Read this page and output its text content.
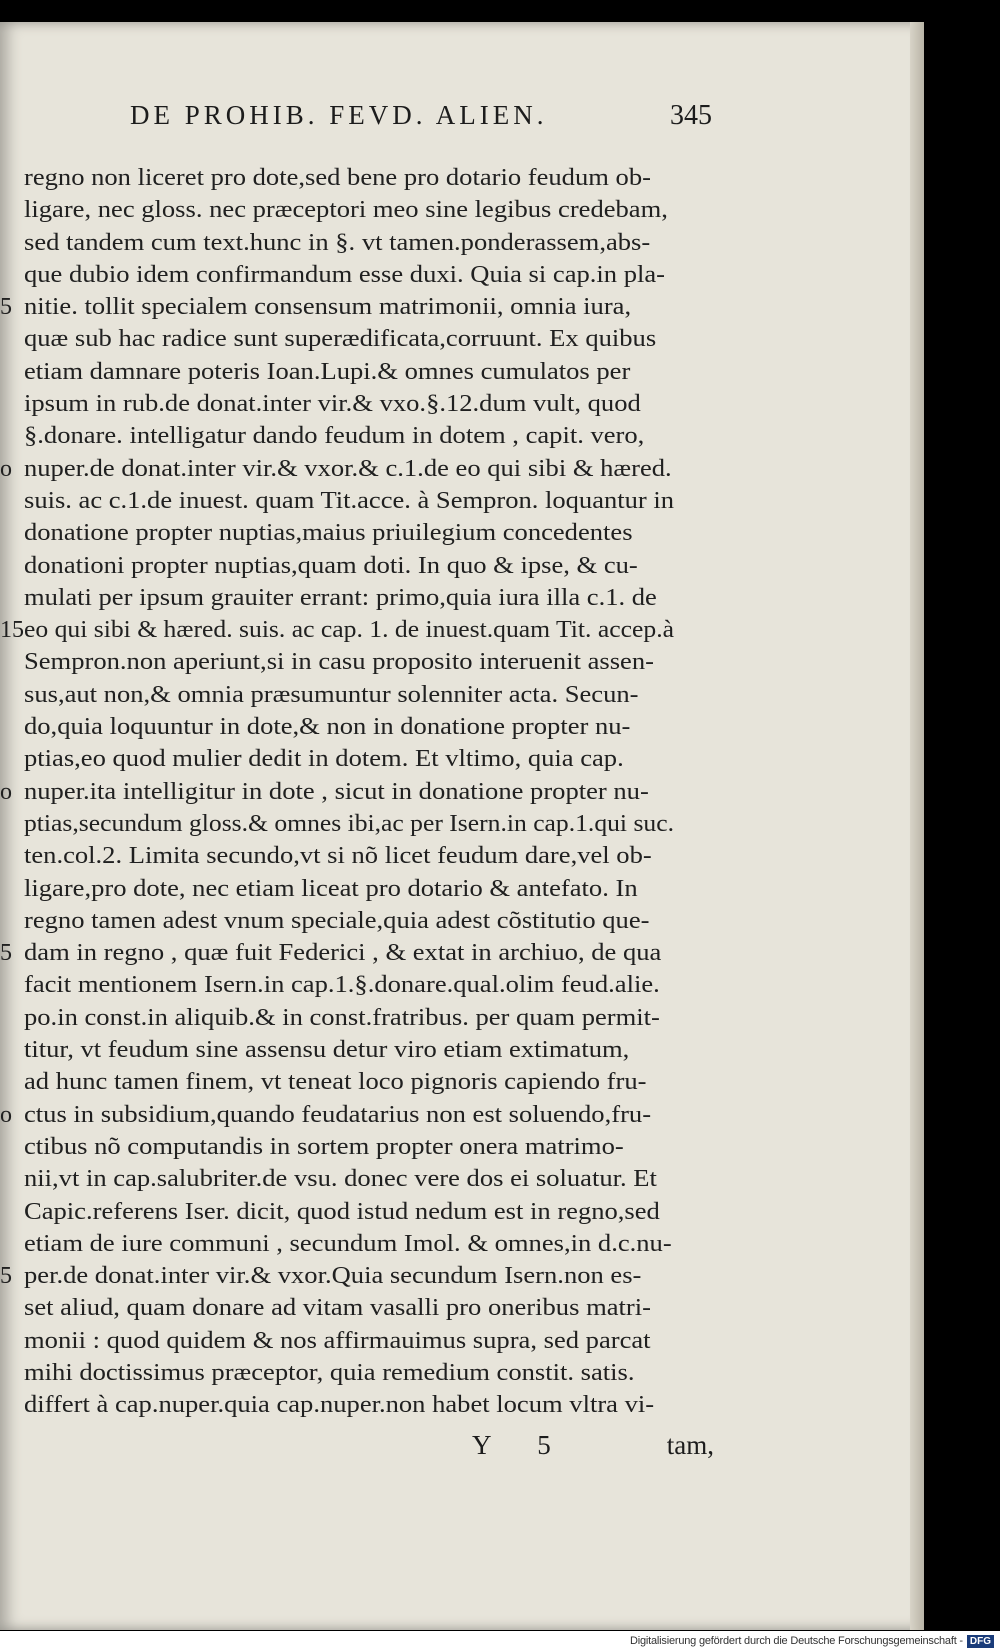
DE PROHIB. FEVD. ALIEN.	345
regno non liceret pro dote,sed bene pro dotario feudum ob-
ligare, nec gloss. nec præceptori meo sine legibus credebam,
sed tandem cum text.hunc in §. vt tamen.ponderassem,abs-
que dubio idem confirmandum esse duxi. Quia si cap.in pla-
nitie. tollit specialem consensum matrimonii, omnia iura,
5
quæ sub hac radice sunt superædificata,corruunt. Ex quibus
etiam damnare poteris Ioan.Lupi.& omnes cumulatos per
ipsum in rub.de donat.inter vir.& vxo.§.12.dum vult, quod
§.donare. intelligatur dando feudum in dotem , capit. vero,
nuper.de donat.inter vir.& vxor.& c.1.de eo qui sibi & hæred.
o
suis. ac c.1.de inuest. quam Tit.acce. à Sempron. loquantur in
donatione propter nuptias,maius priuilegium concedentes
donationi propter nuptias,quam doti. In quo & ipse, & cu-
mulati per ipsum grauiter errant: primo,quia iura illa c.1. de
eo qui sibi & hæred. suis. ac cap. 1. de inuest.quam Tit. accep.à
15
Sempron.non aperiunt,si in casu proposito interuenit assen-
sus,aut non,& omnia præsumuntur solenniter acta. Secun-
do,quia loquuntur in dote,& non in donatione propter nu-
ptias,eo quod mulier dedit in dotem. Et vltimo, quia cap.
nuper.ita intelligitur in dote , sicut in donatione propter nu-
o
ptias,secundum gloss.& omnes ibi,ac per Isern.in cap.1.qui suc.
ten.col.2. Limita secundo,vt si nõ licet feudum dare,vel ob-
ligare,pro dote, nec etiam liceat pro dotario & antefato. In
regno tamen adest vnum speciale,quia adest cõstitutio que-
dam in regno , quæ fuit Federici , & extat in archiuo, de qua
5
facit mentionem Isern.in cap.1.§.donare.qual.olim feud.alie.
po.in const.in aliquib.& in const.fratribus. per quam permit-
titur, vt feudum sine assensu detur viro etiam extimatum,
ad hunc tamen finem, vt teneat loco pignoris capiendo fru-
ctus in subsidium,quando feudatarius non est soluendo,fru-
o
ctibus nõ computandis in sortem propter onera matrimo-
nii,vt in cap.salubriter.de vsu. donec vere dos ei soluatur. Et
Capic.referens Iser. dicit, quod istud nedum est in regno,sed
etiam de iure communi , secundum Imol. & omnes,in d.c.nu-
per.de donat.inter vir.& vxor.Quia secundum Isern.non es-
5
set aliud, quam donare ad vitam vasalli pro oneribus matri-
monii : quod quidem & nos affirmauimus supra, sed parcat
mihi doctissimus præceptor, quia remedium constit. satis.
differt à cap.nuper.quia cap.nuper.non habet locum vltra vi-
Y 5	tam,
Digitalisierung gefördert durch die Deutsche Forschungsgemeinschaft - DFG
